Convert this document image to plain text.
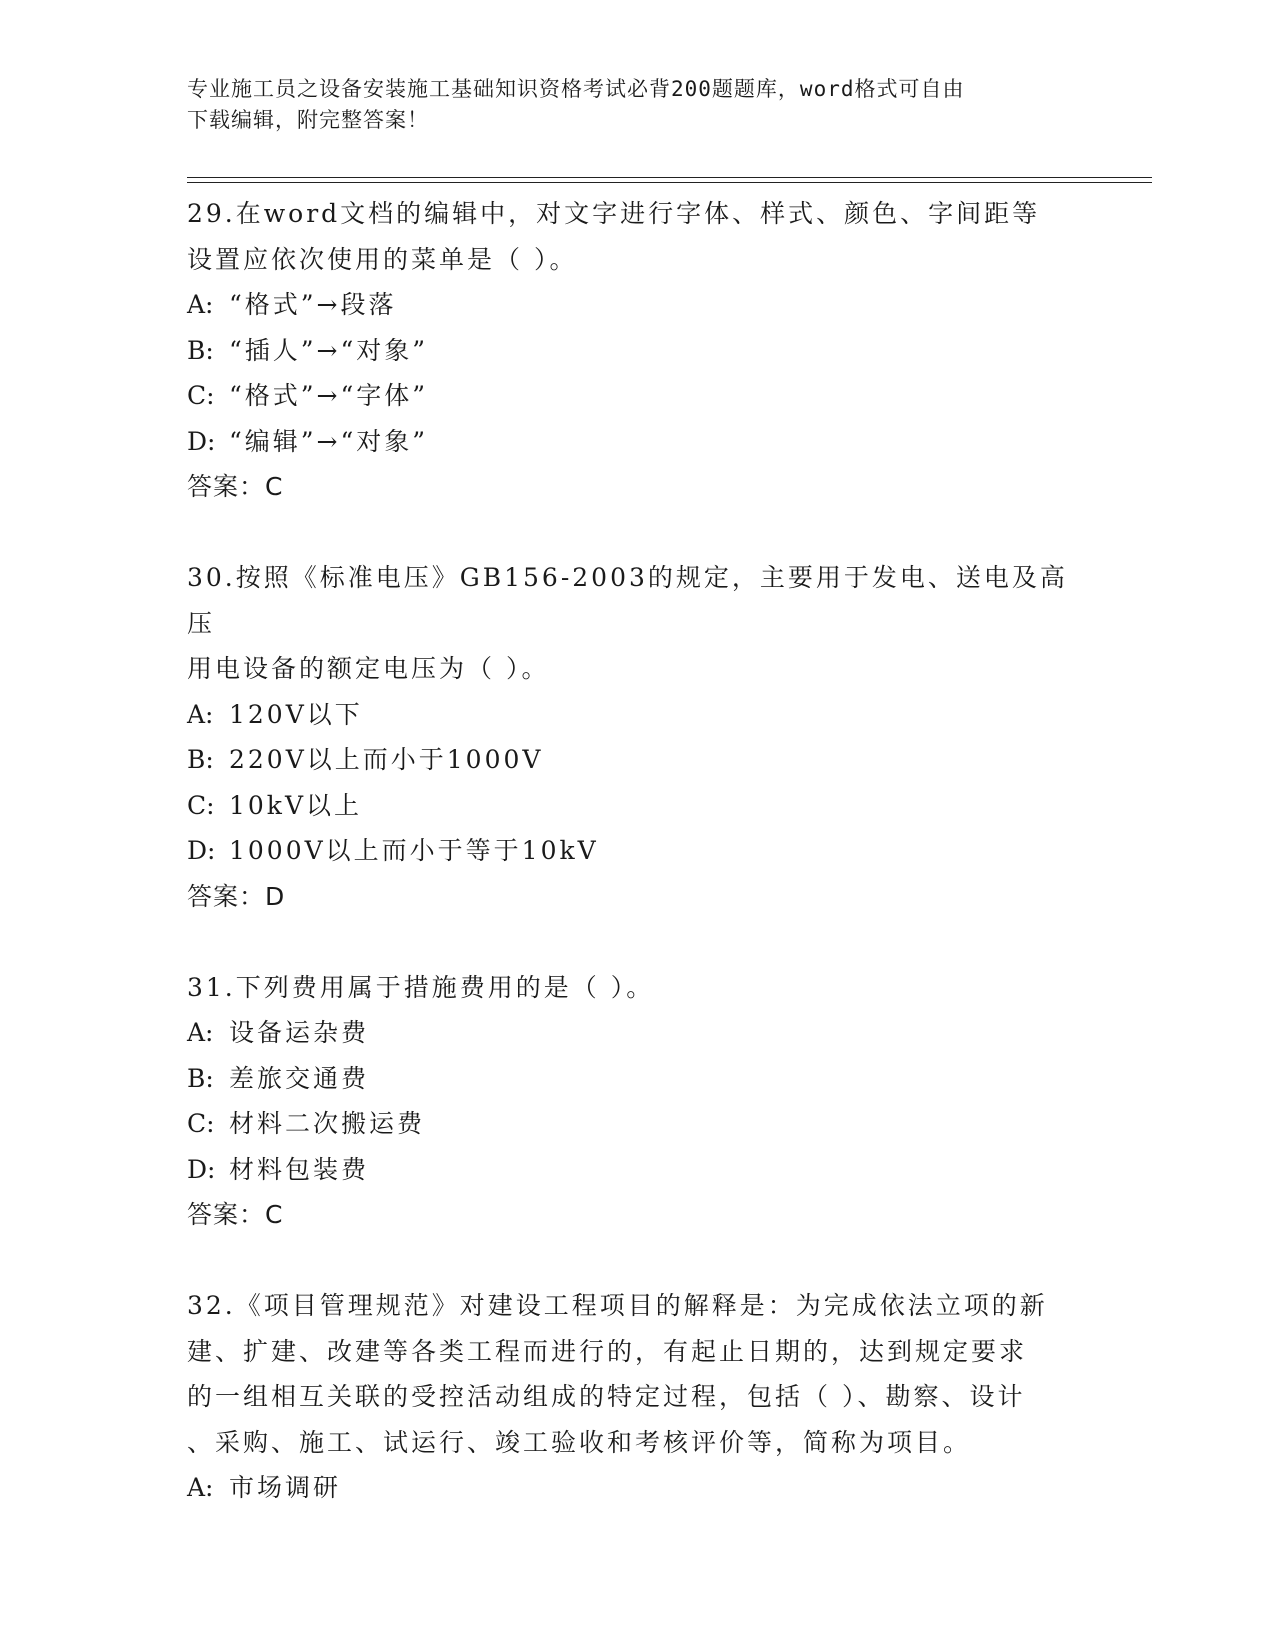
专业施工员之设备安装施工基础知识资格考试必背200题题库，word格式可自由
下载编辑，附完整答案！
29.在word文档的编辑中，对文字进行字体、样式、颜色、字间距等
设置应依次使用的菜单是（ ）。
A: “格式”→段落
B: “插人”→“对象”
C: “格式”→“字体”
D: “编辑”→“对象”
答案：C
30.按照《标准电压》GB156-2003的规定，主要用于发电、送电及高压
用电设备的额定电压为（ ）。
A: 120V以下
B: 220V以上而小于1000V
C: 10kV以上
D: 1000V以上而小于等于10kV
答案：D
31.下列费用属于措施费用的是（ ）。
A: 设备运杂费
B: 差旅交通费
C: 材料二次搬运费
D: 材料包装费
答案：C
32.《项目管理规范》对建设工程项目的解释是：为完成依法立项的新
建、扩建、改建等各类工程而进行的，有起止日期的，达到规定要求
的一组相互关联的受控活动组成的特定过程，包括（ ）、勘察、设计
、采购、施工、试运行、竣工验收和考核评价等，简称为项目。
A: 市场调研
